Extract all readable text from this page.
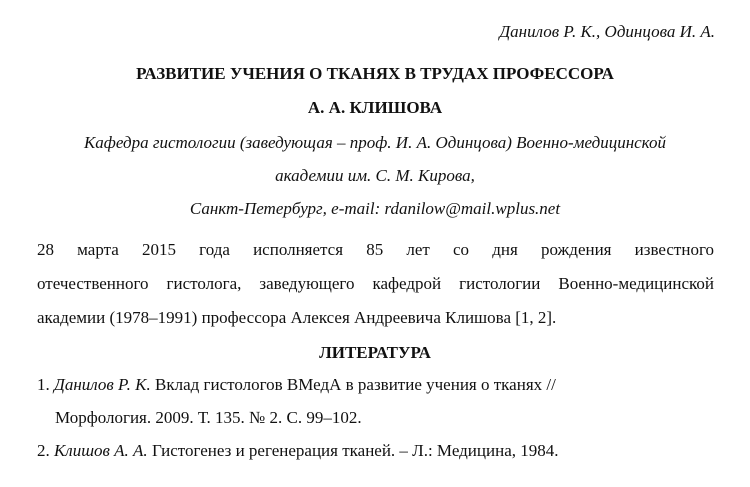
Данилов Р. К., Одинцова И. А.
РАЗВИТИЕ УЧЕНИЯ О ТКАНЯХ В ТРУДАХ ПРОФЕССОРА
А. А. КЛИШОВА
Кафедра гистологии (заведующая – проф. И. А. Одинцова) Военно-медицинской
академии им. С. М. Кирова,
Санкт-Петербург, e-mail: rdanilow@mail.wplus.net
28 марта 2015 года исполняется 85 лет со дня рождения известного
отечественного гистолога, заведующего кафедрой гистологии Военно-медицинской
академии (1978–1991) профессора Алексея Андреевича Клишова [1, 2].
ЛИТЕРАТУРА
1. Данилов Р. К. Вклад гистологов ВМедА в развитие учения о тканях //
Морфология. 2009. Т. 135. № 2. С. 99–102.
2. Клишов А. А. Гистогенез и регенерация тканей. – Л.: Медицина, 1984.
